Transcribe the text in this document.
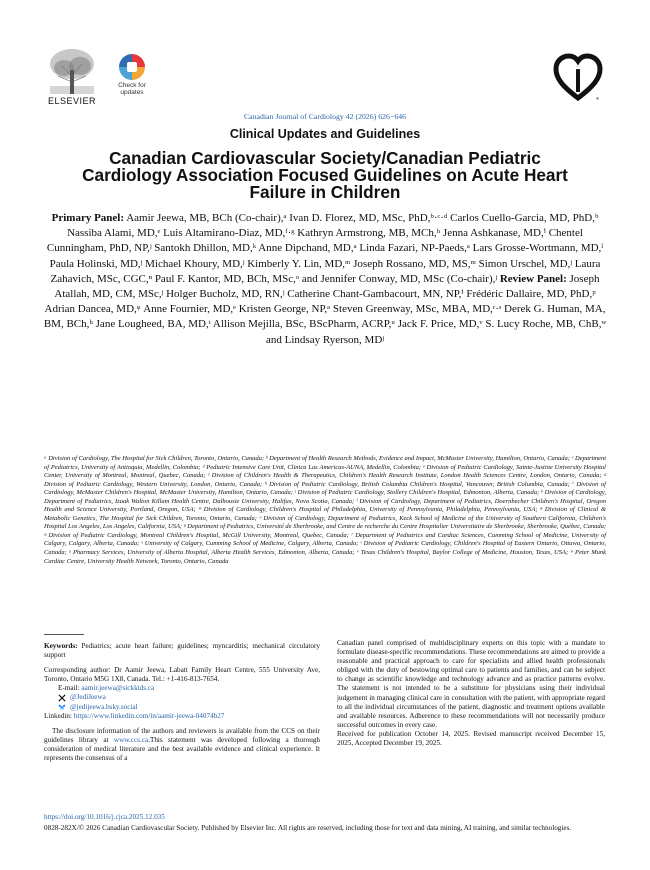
ELSEVIER
Check for
updates
®
Canadian Journal of Cardiology 42 (2026) 626−646
Clinical Updates and Guidelines
Canadian Cardiovascular Society/Canadian Pediatric
Cardiology Association Focused Guidelines on Acute Heart
Failure in Children
Primary Panel: Aamir Jeewa, MB, BCh (Co-chair),ᵃ Ivan D. Florez, MD, MSc, PhD,ᵇ·ᶜ·ᵈ Carlos Cuello-Garcia, MD, PhD,ᵇ Nassiba Alami, MD,ᵉ Luis Altamirano-Diaz, MD,ᶠ·ᵍ Kathryn Armstrong, MB, MCh,ʰ Jenna Ashkanase, MD,ⁱ Chentel Cunningham, PhD, NP,ʲ Santokh Dhillon, MD,ᵏ Anne Dipchand, MD,ᵃ Linda Fazari, NP-Paeds,ᵃ Lars Grosse-Wortmann, MD,ˡ Paula Holinski, MD,ʲ Michael Khoury, MD,ʲ Kimberly Y. Lin, MD,ᵐ Joseph Rossano, MD, MS,ᵐ Simon Urschel, MD,ʲ Laura Zahavich, MSc, CGC,ⁿ Paul F. Kantor, MD, BCh, MSc,ᵒ and Jennifer Conway, MD, MSc (Co-chair),ʲ Review Panel: Joseph Atallah, MD, CM, MSc,ʲ Holger Bucholz, MD, RN,ʲ Catherine Chant-Gambacourt, MN, NP,ⁱ Frédéric Dallaire, MD, PhD,ᵖ Adrian Dancea, MD,ᵠ Anne Fournier, MD,ᵉ Kristen George, NP,ᵃ Steven Greenway, MSc, MBA, MD,ʳ·ˢ Derek G. Human, MA, BM, BCh,ʰ Jane Lougheed, BA, MD,ᵗ Allison Mejilla, BSc, BScPharm, ACRP,ᵘ Jack F. Price, MD,ᵛ S. Lucy Roche, MB, ChB,ʷ and Lindsay Ryerson, MDʲ
ᵃ Division of Cardiology, The Hospital for Sick Children, Toronto, Ontario, Canada; ᵇ Department of Health Research Methods, Evidence and Impact, McMaster University, Hamilton, Ontario, Canada; ᶜ Department of Pediatrics, University of Antioquia, Medellin, Colombia; ᵈ Pediatric Intensive Care Unit, Clinica Las Americas-AUNA, Medellin, Colombia; ᵉ Division of Pediatric Cardiology, Sainte-Justine University Hospital Center, University of Montreal, Montreal, Quebec, Canada; ᶠ Division of Children's Health & Therapeutics, Children's Health Research Institute, London Health Sciences Centre, London, Ontario, Canada; ᵍ Division of Pediatric Cardiology, Western University, London, Ontario, Canada; ʰ Division of Pediatric Cardiology, British Columbia Children's Hospital, Vancouver, British Columbia, Canada; ⁱ Division of Cardiology, McMaster Children's Hospital, McMaster University, Hamilton, Ontario, Canada; ʲ Division of Pediatric Cardiology, Stollery Children's Hospital, Edmonton, Alberta, Canada; ᵏ Division of Cardiology, Department of Pediatrics, Izaak Walton Killam Health Centre, Dalhousie University, Halifax, Nova Scotia, Canada; ˡ Division of Cardiology, Department of Pediatrics, Doernbecher Children's Hospital, Oregon Health and Science University, Portland, Oregon, USA; ᵐ Division of Cardiology, Children's Hospital of Philadelphia, University of Pennsylvania, Philadelphia, Pennsylvania, USA; ⁿ Division of Clinical & Metabolic Genetics, The Hospital for Sick Children, Toronto, Ontario, Canada; ᵒ Division of Cardiology, Department of Pediatrics, Keck School of Medicine of the University of Southern California, Children's Hospital Los Angeles, Los Angeles, California, USA; ᵖ Department of Pediatrics, Université de Sherbrooke, and Centre de recherche du Centre Hospitalier Universitaire de Sherbrooke, Sherbrooke, Québec, Canada; ᵠ Division of Pediatric Cardiology, Montreal Children's Hospital, McGill University, Montreal, Quebec, Canada; ʳ Department of Pediatrics and Cardiac Sciences, Cumming School of Medicine, University of Calgary, Calgary, Alberta, Canada; ˢ University of Calgary, Cumming School of Medicine, Calgary, Alberta, Canada; ᵗ Division of Pediatric Cardiology, Children's Hospital of Eastern Ontario, Ottawa, Ontario, Canada; ᵘ Pharmacy Services, University of Alberta Hospital, Alberta Health Services, Edmonton, Alberta, Canada; ᵛ Texas Children's Hospital, Baylor College of Medicine, Houston, Texas, USA; ʷ Peter Munk Cardiac Centre, University Health Network, Toronto, Ontario, Canada

Keywords: Pediatrics; acute heart failure; guidelines; myncarditis; mechanical circulatory support

Corresponding author: Dr Aamir Jeewa, Labatt Family Heart Centre, 555 University Ave, Toronto, Ontario M5G 1X8, Canada. Tel.: +1-416-813-7654.

E-mail: aamir.jeewa@sickkids.ca
@JediJeewa
@jedijeewa.bsky.social

Linkedin: https://www.linkedin.com/in/aamir-jeewa-04074b27

The disclosure information of the authors and reviewers is available from the CCS on their guidelines library at www.ccs.ca.This statement was developed following a thorough consideration of medical literature and the best available evidence and clinical experience. It represents the consensus of a

Canadian panel comprised of multidisciplinary experts on this topic with a mandate to formulate disease-specific recommendations. These recommendations are aimed to provide a reasonable and practical approach to care for specialists and allied health professionals obliged with the duty of bestowing optimal care to patients and families, and can be subject to change as scientific knowledge and technology advance and as practice patterns evolve. The statement is not intended to be a substitute for physicians using their individual judgement in managing clinical care in consultation with the patient, with appropriate regard to all the individual circumstances of the patient, diagnostic and treatment options available and available resources. Adherence to these recommendations will not necessarily produce successful outcomes in every case.

Received for publication October 14, 2025. Revised manuscript received December 15, 2025, Accepted December 19, 2025.

https://doi.org/10.1016/j.cjca.2025.12.035
0828-282X/© 2026 Canadian Cardiovascular Society. Published by Elsevier Inc. All rights are reserved, including those for text and data mining, AI training, and similar technologies.
